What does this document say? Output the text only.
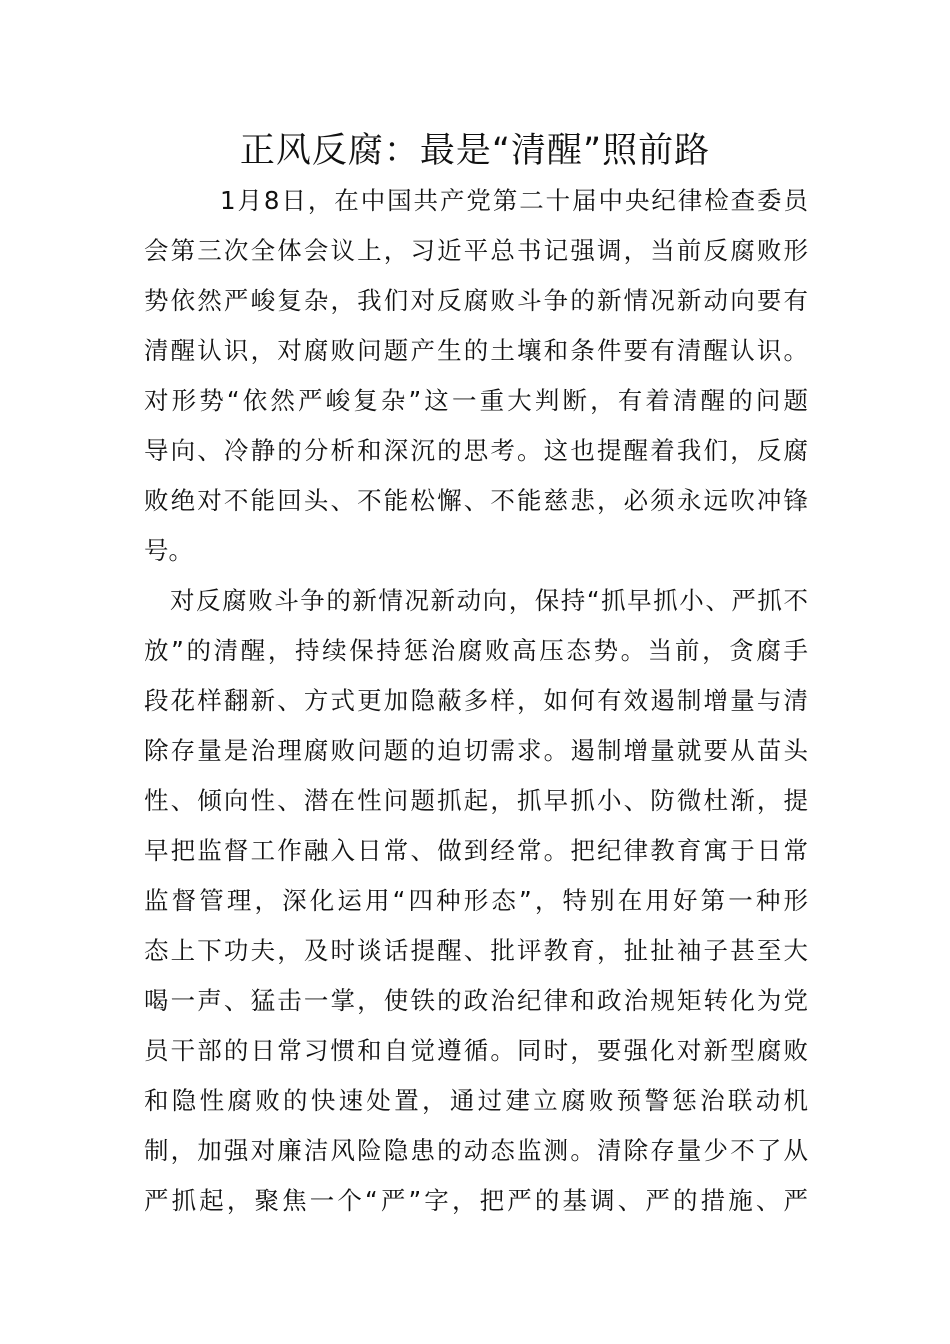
正风反腐：最是“清醒”照前路
1月8日，在中国共产党第二十届中央纪律检查委员
会第三次全体会议上，习近平总书记强调，当前反腐败形
势依然严峻复杂，我们对反腐败斗争的新情况新动向要有
清醒认识，对腐败问题产生的土壤和条件要有清醒认识。
对形势“依然严峻复杂”这一重大判断，有着清醒的问题
导向、冷静的分析和深沉的思考。这也提醒着我们，反腐
败绝对不能回头、不能松懈、不能慈悲，必须永远吹冲锋
号。
对反腐败斗争的新情况新动向，保持“抓早抓小、严抓不
放”的清醒，持续保持惩治腐败高压态势。当前，贪腐手
段花样翻新、方式更加隐蔽多样，如何有效遏制增量与清
除存量是治理腐败问题的迫切需求。遏制增量就要从苗头
性、倾向性、潜在性问题抓起，抓早抓小、防微杜渐，提
早把监督工作融入日常、做到经常。把纪律教育寓于日常
监督管理，深化运用“四种形态”，特别在用好第一种形
态上下功夫，及时谈话提醒、批评教育，扯扯袖子甚至大
喝一声、猛击一掌，使铁的政治纪律和政治规矩转化为党
员干部的日常习惯和自觉遵循。同时，要强化对新型腐败
和隐性腐败的快速处置，通过建立腐败预警惩治联动机
制，加强对廉洁风险隐患的动态监测。清除存量少不了从
严抓起，聚焦一个“严”字，把严的基调、严的措施、严
